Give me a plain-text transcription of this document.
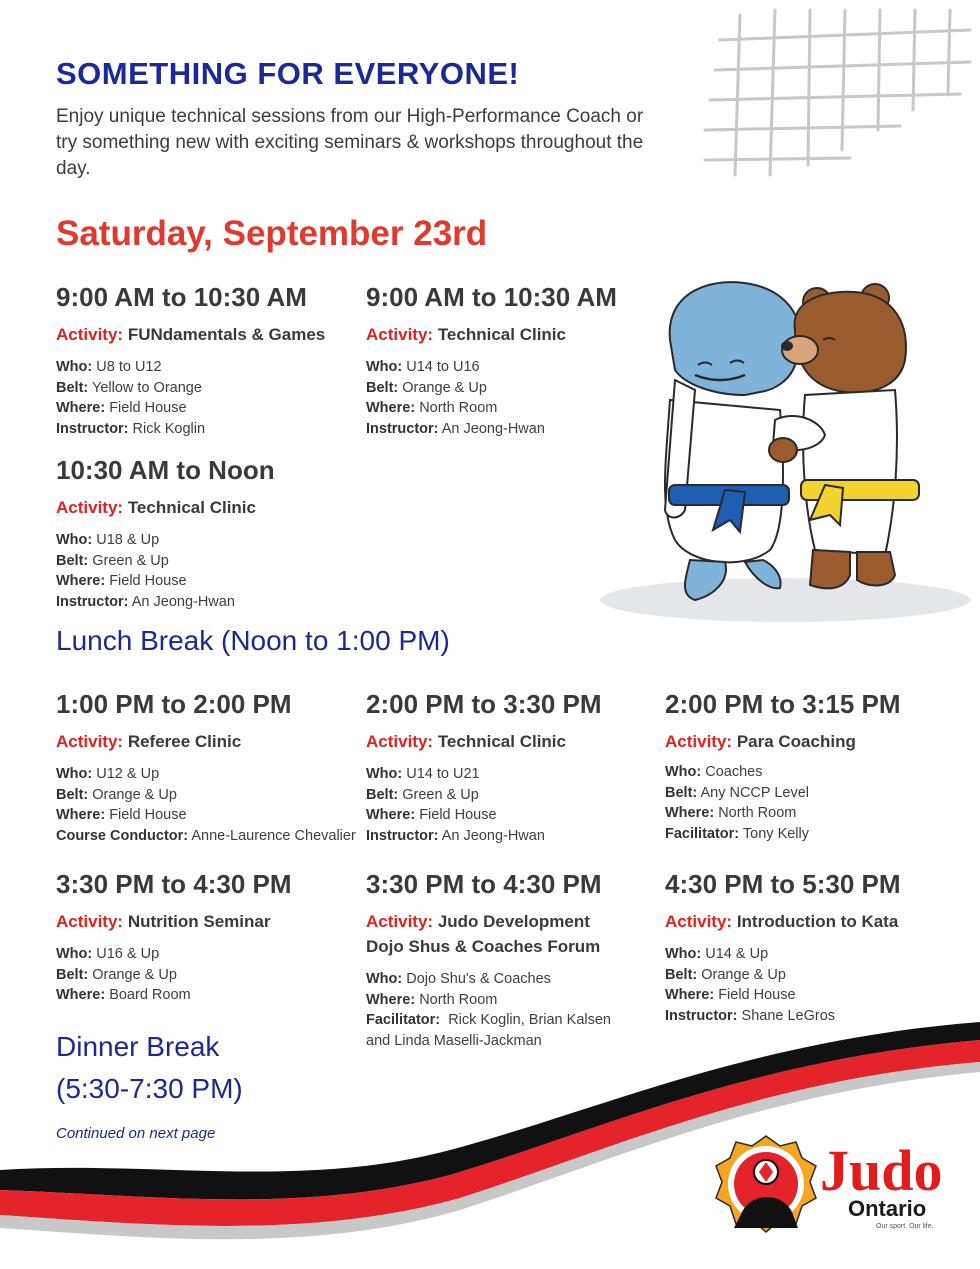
SOMETHING FOR EVERYONE!
Enjoy unique technical sessions from our High-Performance Coach or try something new with exciting seminars & workshops throughout the day.
Saturday, September 23rd
9:00 AM to 10:30 AM
Activity: FUNdamentals & Games
Who: U8 to U12
Belt: Yellow to Orange
Where: Field House
Instructor: Rick Koglin
9:00 AM to 10:30 AM
Activity: Technical Clinic
Who: U14 to U16
Belt: Orange & Up
Where: North Room
Instructor: An Jeong-Hwan
10:30 AM to Noon
Activity: Technical Clinic
Who: U18 & Up
Belt: Green & Up
Where: Field House
Instructor: An Jeong-Hwan
Lunch Break (Noon to 1:00 PM)
1:00 PM to 2:00 PM
Activity: Referee Clinic
Who: U12 & Up
Belt: Orange & Up
Where: Field House
Course Conductor: Anne-Laurence Chevalier
2:00 PM to 3:30 PM
Activity: Technical Clinic
Who: U14 to U21
Belt: Green & Up
Where: Field House
Instructor: An Jeong-Hwan
2:00 PM to 3:15 PM
Activity: Para Coaching
Who: Coaches
Belt: Any NCCP Level
Where: North Room
Facilitator: Tony Kelly
3:30 PM to 4:30 PM
Activity: Nutrition Seminar
Who: U16 & Up
Belt: Orange & Up
Where: Board Room
3:30 PM to 4:30 PM
Activity: Judo Development
Dojo Shus & Coaches Forum
Who: Dojo Shu's & Coaches
Where: North Room
Facilitator: Rick Koglin, Brian Kalsen
and Linda Maselli-Jackman
4:30 PM to 5:30 PM
Activity: Introduction to Kata
Who: U14 & Up
Belt: Orange & Up
Where: Field House
Instructor: Shane LeGros
Dinner Break
(5:30-7:30 PM)
Continued on next page
Judo
Ontario
Our sport. Our life.
